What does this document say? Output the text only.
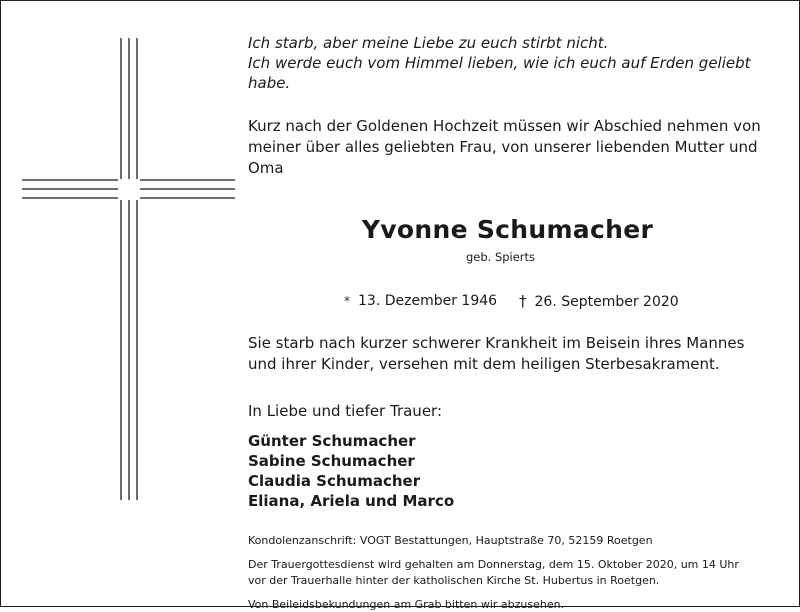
Ich starb, aber meine Liebe zu euch stirbt nicht.
Ich werde euch vom Himmel lieben, wie ich euch auf Erden geliebt habe.

Kurz nach der Goldenen Hochzeit müssen wir Abschied nehmen von
meiner über alles geliebten Frau, von unserer liebenden Mutter und Oma

Yvonne Schumacher

geb. Spierts

* 13. Dezember 1946 † 26. September 2020

Sie starb nach kurzer schwerer Krankheit im Beisein ihres Mannes
und ihrer Kinder, versehen mit dem heiligen Sterbesakrament.

In Liebe und tiefer Trauer:

Günter Schumacher
Sabine Schumacher
Claudia Schumacher
Eliana, Ariela und Marco

Kondolenzanschrift: VOGT Bestattungen, Hauptstraße 70, 52159 Roetgen

Der Trauergottesdienst wird gehalten am Donnerstag, dem 15. Oktober 2020, um 14 Uhr
vor der Trauerhalle hinter der katholischen Kirche St. Hubertus in Roetgen.

Von Beileidsbekundungen am Grab bitten wir abzusehen.
